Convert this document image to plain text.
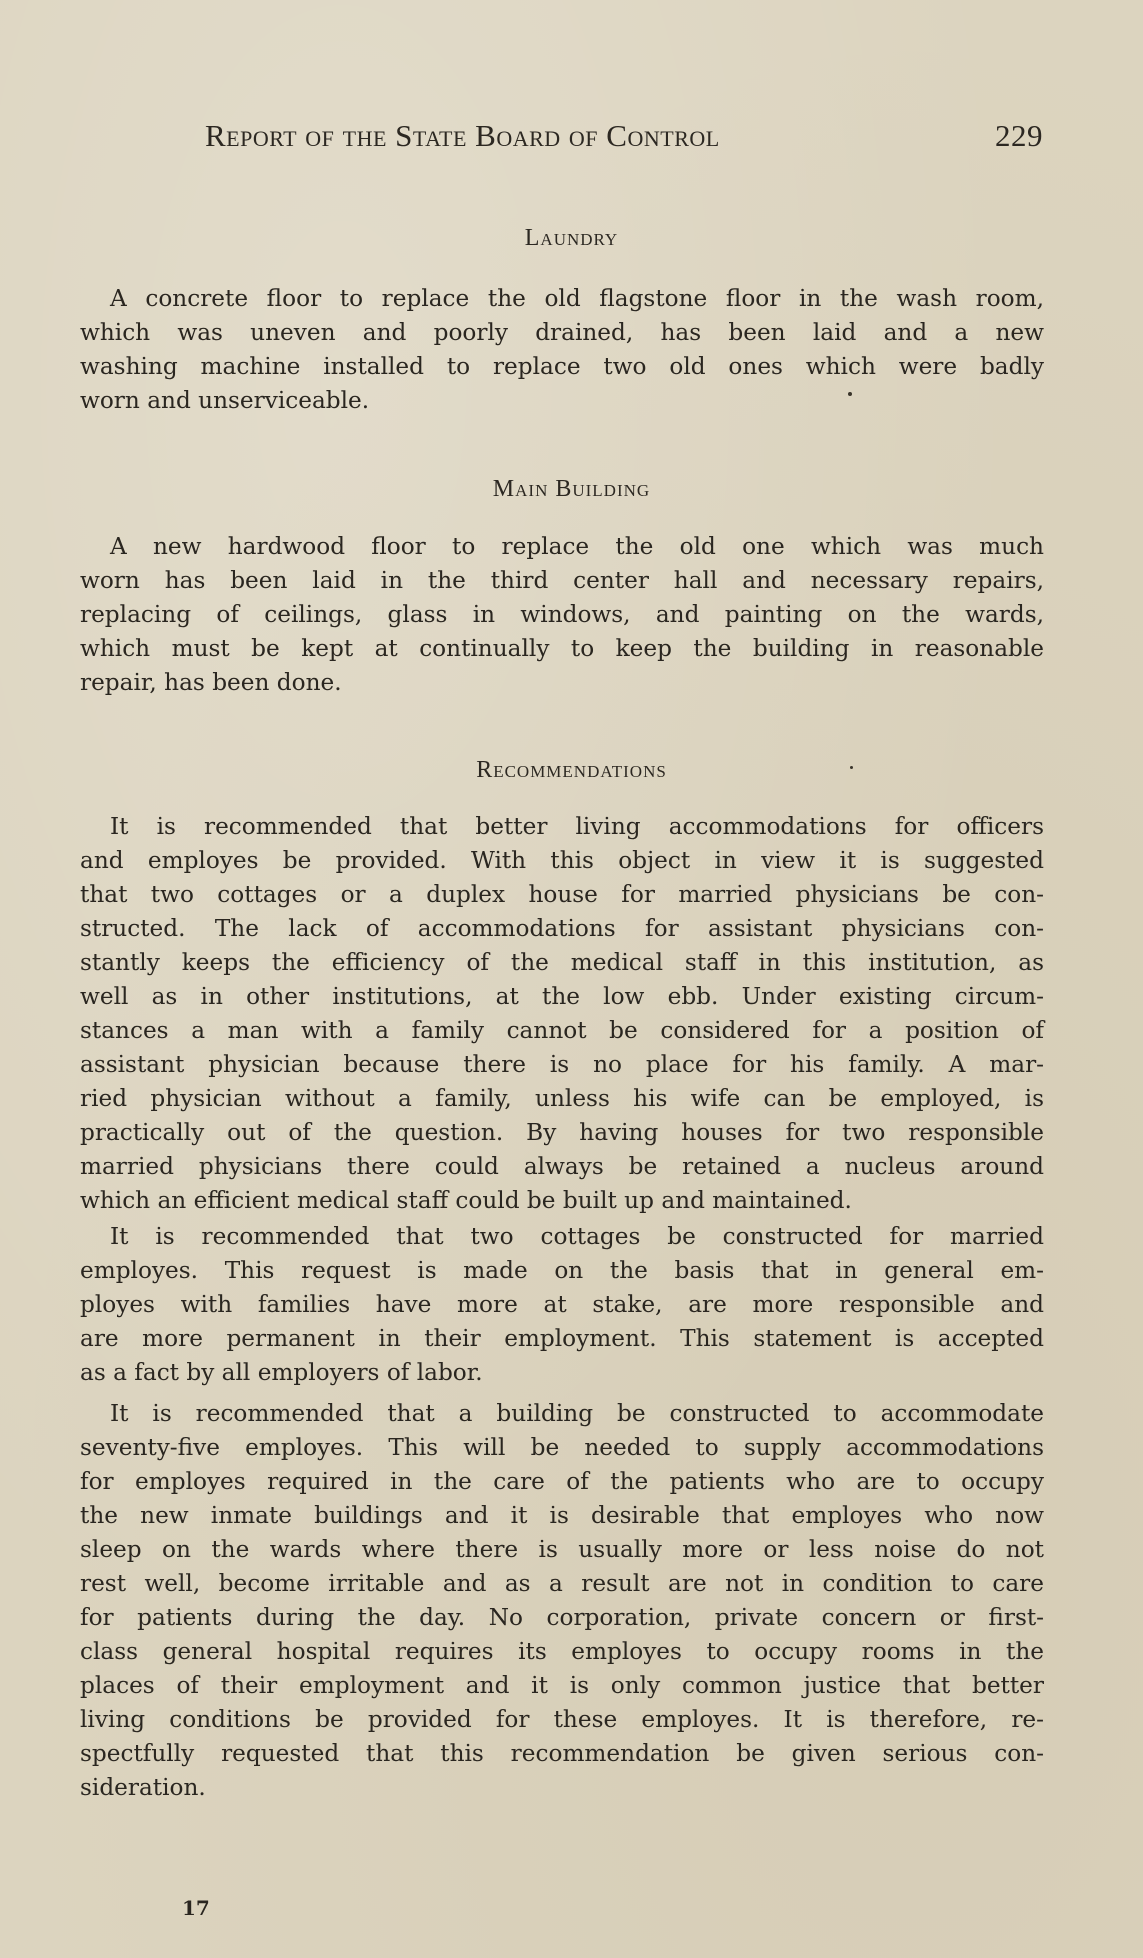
Report of the State Board of Control	229
Laundry
A concrete floor to replace the old flagstone floor in the wash room,
which was uneven and poorly drained, has been laid and a new
washing machine installed to replace two old ones which were badly
worn and unserviceable.
Main Building
A new hardwood floor to replace the old one which was much
worn has been laid in the third center hall and necessary repairs,
replacing of ceilings, glass in windows, and painting on the wards,
which must be kept at continually to keep the building in reasonable
repair, has been done.
Recommendations
It is recommended that better living accommodations for officers
and employes be provided. With this object in view it is suggested
that two cottages or a duplex house for married physicians be con-
structed. The lack of accommodations for assistant physicians con-
stantly keeps the efficiency of the medical staff in this institution, as
well as in other institutions, at the low ebb. Under existing circum-
stances a man with a family cannot be considered for a position of
assistant physician because there is no place for his family. A mar-
ried physician without a family, unless his wife can be employed, is
practically out of the question. By having houses for two responsible
married physicians there could always be retained a nucleus around
which an efficient medical staff could be built up and maintained.
It is recommended that two cottages be constructed for married
employes. This request is made on the basis that in general em-
ployes with families have more at stake, are more responsible and
are more permanent in their employment. This statement is accepted
as a fact by all employers of labor.
It is recommended that a building be constructed to accommodate
seventy-five employes. This will be needed to supply accommodations
for employes required in the care of the patients who are to occupy
the new inmate buildings and it is desirable that employes who now
sleep on the wards where there is usually more or less noise do not
rest well, become irritable and as a result are not in condition to care
for patients during the day. No corporation, private concern or first-
class general hospital requires its employes to occupy rooms in the
places of their employment and it is only common justice that better
living conditions be provided for these employes. It is therefore, re-
spectfully requested that this recommendation be given serious con-
sideration.
17
